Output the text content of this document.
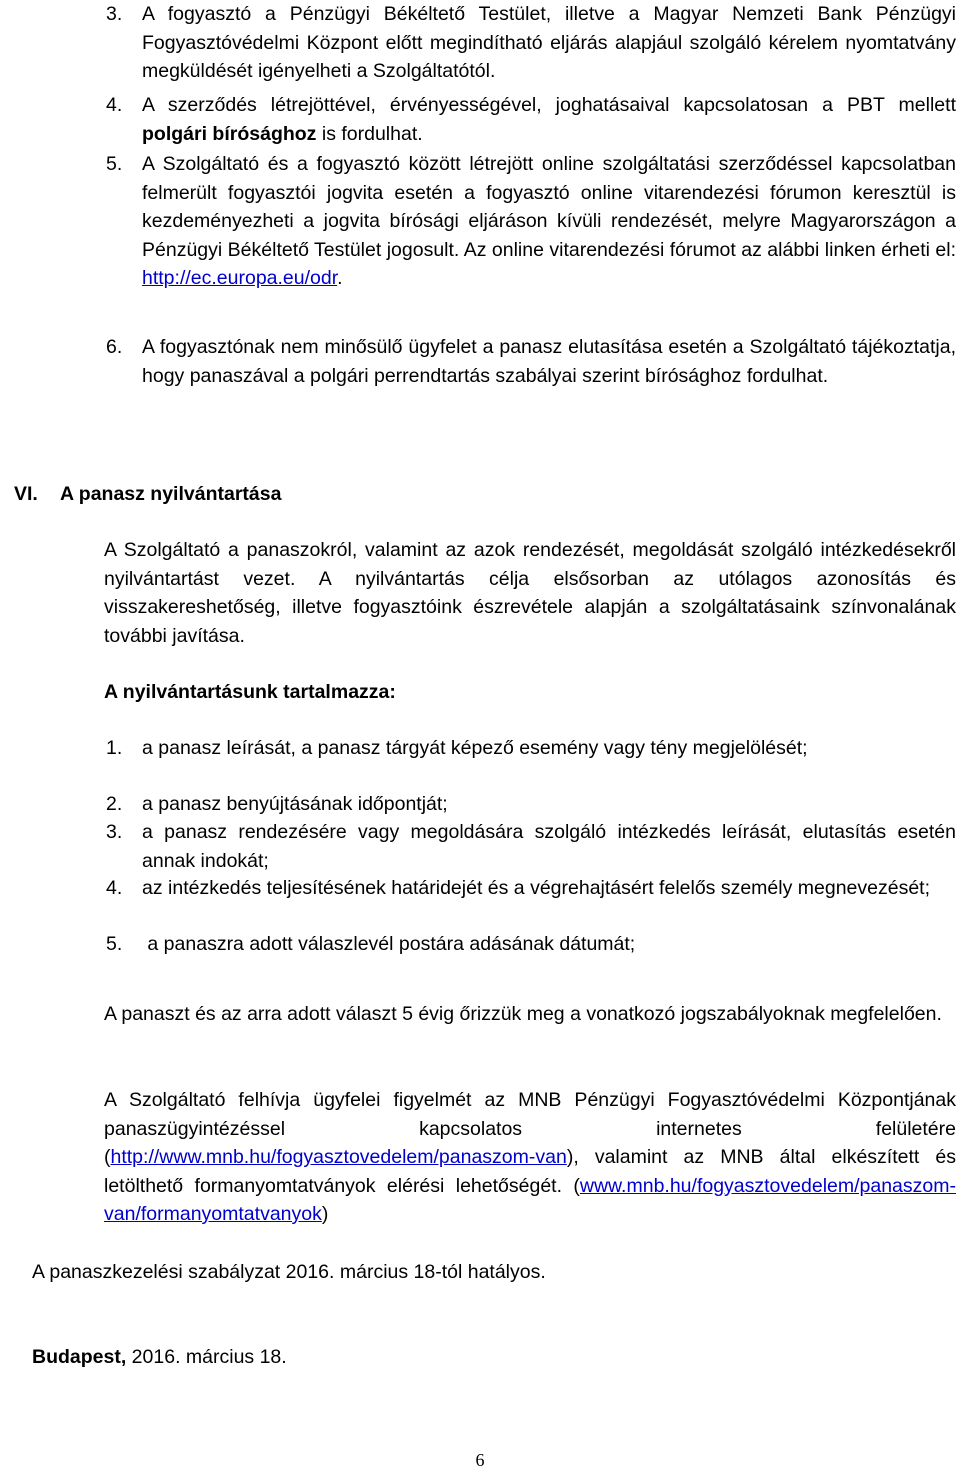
3. A fogyasztó a Pénzügyi Békéltető Testület, illetve a Magyar Nemzeti Bank Pénzügyi Fogyasztóvédelmi Központ előtt megindítható eljárás alapjául szolgáló kérelem nyomtatvány megküldését igényelheti a Szolgáltatótól.
4. A szerződés létrejöttével, érvényességével, joghatásaival kapcsolatosan a PBT mellett polgári bírósághoz is fordulhat.
5. A Szolgáltató és a fogyasztó között létrejött online szolgáltatási szerződéssel kapcsolatban felmerült fogyasztói jogvita esetén a fogyasztó online vitarendezési fórumon keresztül is kezdeményezheti a jogvita bírósági eljáráson kívüli rendezését, melyre Magyarországon a Pénzügyi Békéltető Testület jogosult. Az online vitarendezési fórumot az alábbi linken érheti el: http://ec.europa.eu/odr.
6. A fogyasztónak nem minősülő ügyfelet a panasz elutasítása esetén a Szolgáltató tájékoztatja, hogy panaszával a polgári perrendtartás szabályai szerint bírósághoz fordulhat.
VI. A panasz nyilvántartása
A Szolgáltató a panaszokról, valamint az azok rendezését, megoldását szolgáló intézkedésekről nyilvántartást vezet. A nyilvántartás célja elsősorban az utólagos azonosítás és visszakereshetőség, illetve fogyasztóink észrevétele alapján a szolgáltatásaink színvonalának további javítása.
A nyilvántartásunk tartalmazza:
1. a panasz leírását, a panasz tárgyát képező esemény vagy tény megjelölését;
2. a panasz benyújtásának időpontját;
3. a panasz rendezésére vagy megoldására szolgáló intézkedés leírását, elutasítás esetén annak indokát;
4. az intézkedés teljesítésének határidejét és a végrehajtásért felelős személy megnevezését;
5. a panaszra adott válaszlevél postára adásának dátumát;
A panaszt és az arra adott választ 5 évig őrizzük meg a vonatkozó jogszabályoknak megfelelően.
A Szolgáltató felhívja ügyfelei figyelmét az MNB Pénzügyi Fogyasztóvédelmi Központjának panaszügyintézéssel kapcsolatos internetes felületére (http://www.mnb.hu/fogyasztovedelem/panaszom-van), valamint az MNB által elkészített és letölthető formanyomtatványok elérési lehetőségét. (www.mnb.hu/fogyasztovedelem/panaszom-van/formanyomtatvanyok)
A panaszkezelési szabályzat 2016. március 18-tól hatályos.
Budapest, 2016. március 18.
6
